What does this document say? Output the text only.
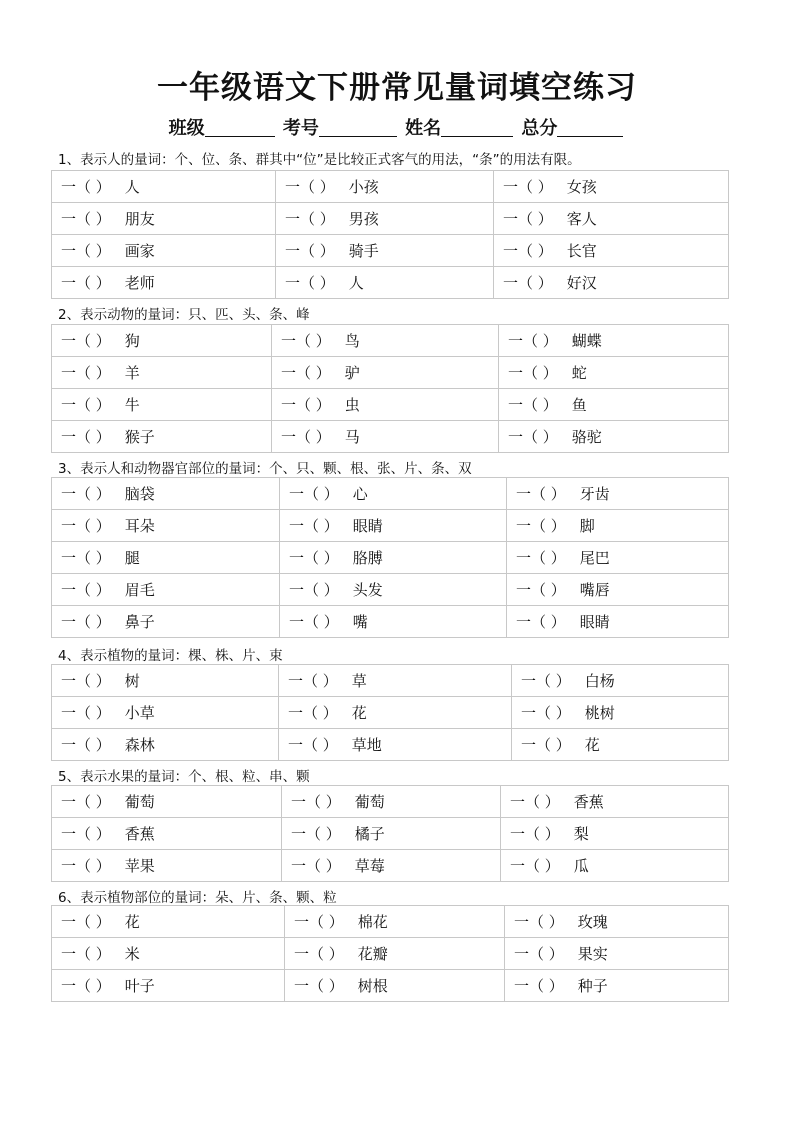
一年级语文下册常见量词填空练习
班级	考号	姓名	总分
1、表示人的量词：个、位、条、群其中“位”是比较正式客气的用法，“条”的用法有限。
一（ ） 人	一（ ） 小孩	一（ ） 女孩
一（ ） 朋友	一（ ） 男孩	一（ ） 客人
一（ ） 画家	一（ ） 骑手	一（ ） 长官
一（ ） 老师	一（ ） 人	一（ ） 好汉
2、表示动物的量词：只、匹、头、条、峰
一（ ） 狗	一（ ） 鸟	一（ ） 蝴蝶
一（ ） 羊	一（ ） 驴	一（ ） 蛇
一（ ） 牛	一（ ） 虫	一（ ） 鱼
一（ ） 猴子	一（ ） 马	一（ ） 骆驼
3、表示人和动物器官部位的量词：个、只、颗、根、张、片、条、双
一（ ） 脑袋	一（ ） 心	一（ ） 牙齿
一（ ） 耳朵	一（ ） 眼睛	一（ ） 脚
一（ ） 腿	一（ ） 胳膊	一（ ） 尾巴
一（ ） 眉毛	一（ ） 头发	一（ ） 嘴唇
一（ ） 鼻子	一（ ） 嘴	一（ ） 眼睛
4、表示植物的量词：棵、株、片、束
一（ ） 树	一（ ） 草	一（ ） 白杨
一（ ） 小草	一（ ） 花	一（ ） 桃树
一（ ） 森林	一（ ） 草地	一（ ） 花
5、表示水果的量词：个、根、粒、串、颗
一（ ） 葡萄	一（ ） 葡萄	一（ ） 香蕉
一（ ） 香蕉	一（ ） 橘子	一（ ） 梨
一（ ） 苹果	一（ ） 草莓	一（ ） 瓜
6、表示植物部位的量词：朵、片、条、颗、粒
一（ ） 花	一（ ） 棉花	一（ ） 玫瑰
一（ ） 米	一（ ） 花瓣	一（ ） 果实
一（ ） 叶子	一（ ） 树根	一（ ） 种子
